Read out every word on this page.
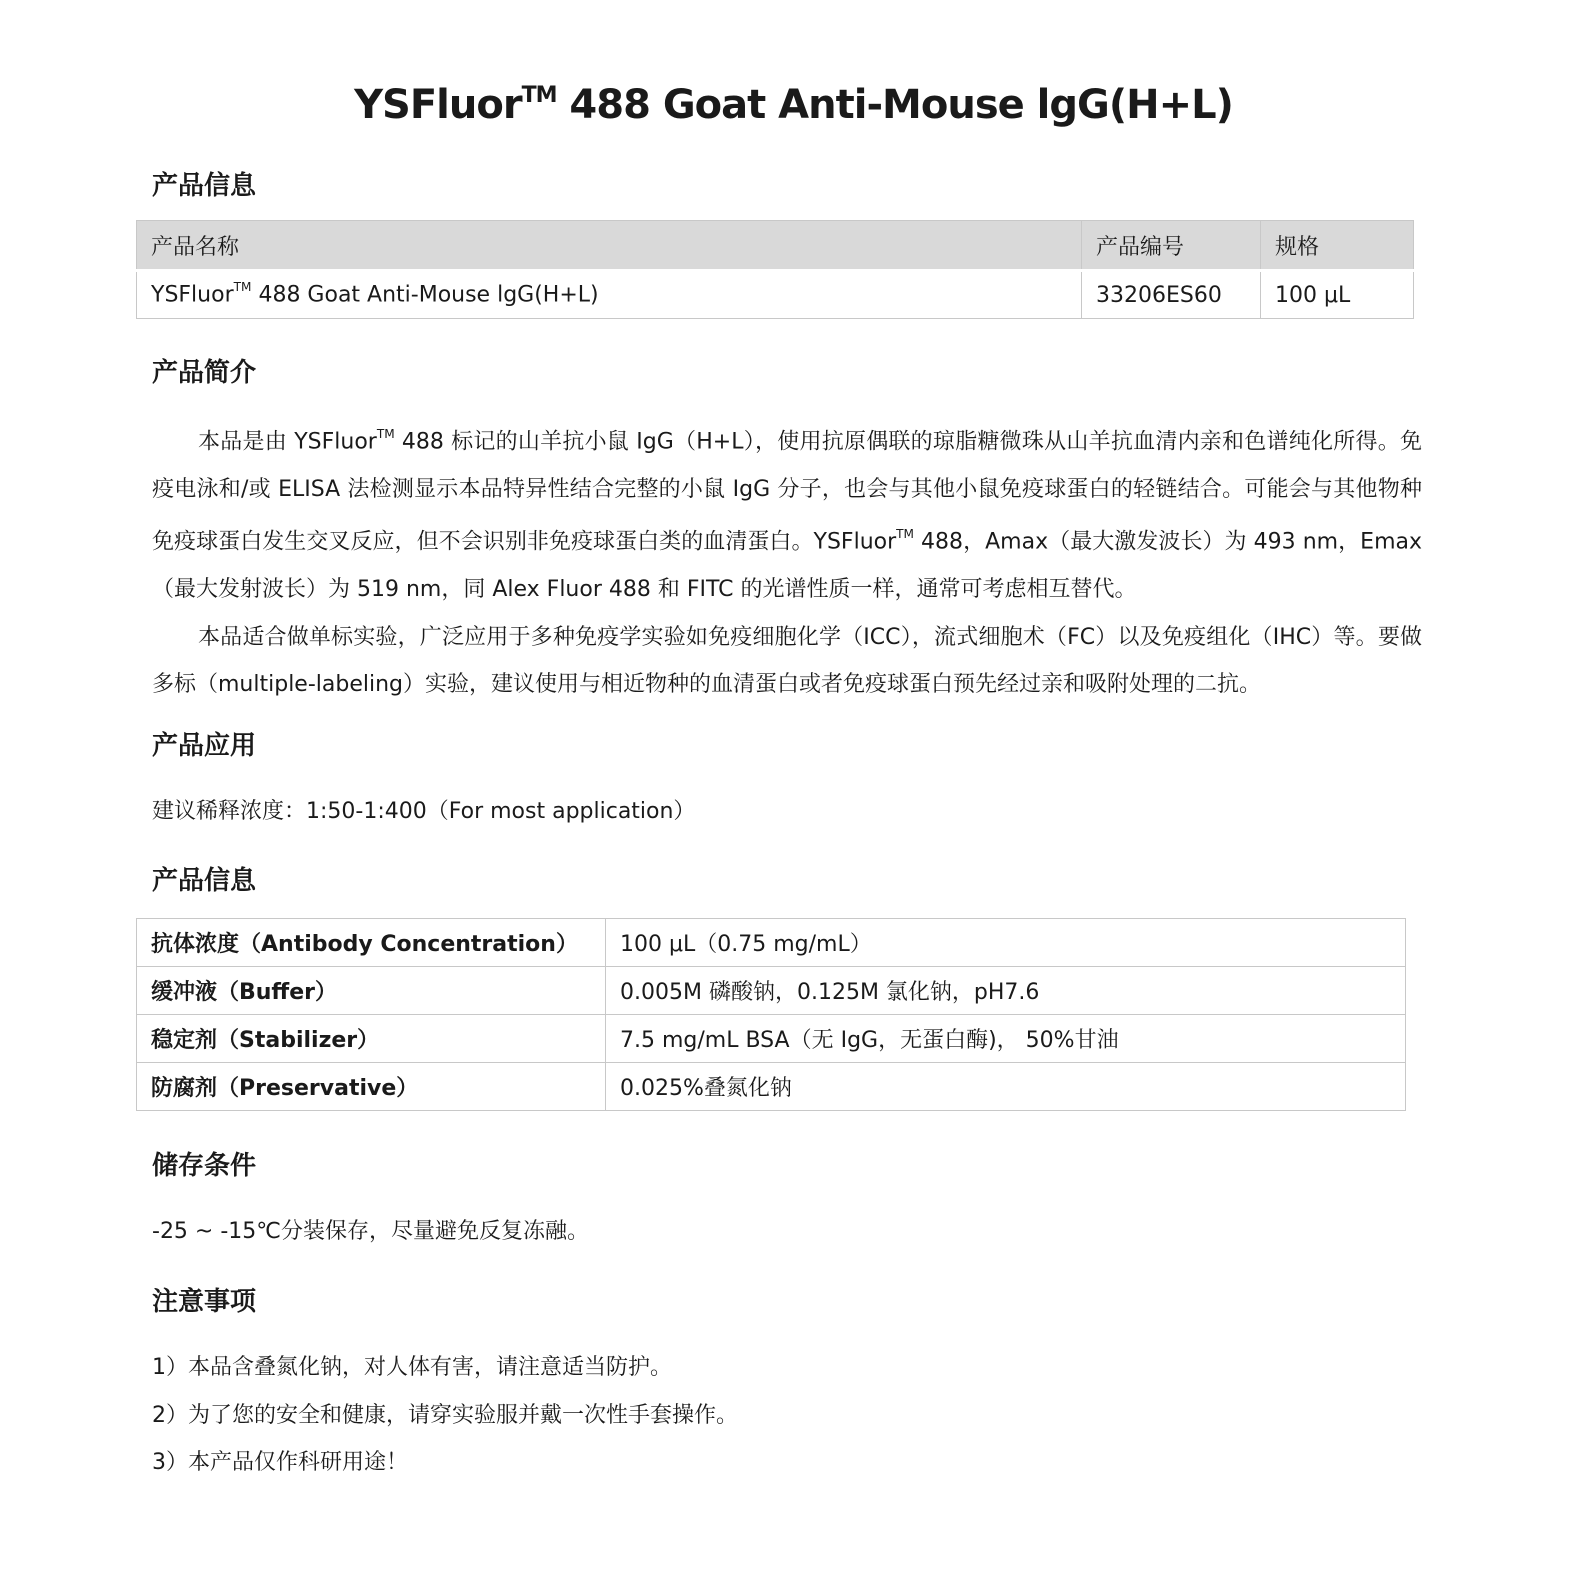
YSFluor™ 488 Goat Anti-Mouse lgG(H+L)
产品信息
产品名称	产品编号	规格
YSFluor™ 488 Goat Anti-Mouse lgG(H+L)	33206ES60	100 μL
产品简介

本品是由 YSFluor™ 488 标记的山羊抗小鼠 IgG（H+L），使用抗原偶联的琼脂糖微珠从山羊抗血清内亲和色谱纯化所得。免疫电泳和/或 ELISA 法检测显示本品特异性结合完整的小鼠 IgG 分子，也会与其他小鼠免疫球蛋白的轻链结合。可能会与其他物种免疫球蛋白发生交叉反应，但不会识别非免疫球蛋白类的血清蛋白。YSFluor™ 488，Amax（最大激发波长）为 493 nm，Emax（最大发射波长）为 519 nm，同 Alex Fluor 488 和 FITC 的光谱性质一样，通常可考虑相互替代。

本品适合做单标实验，广泛应用于多种免疫学实验如免疫细胞化学（ICC），流式细胞术（FC）以及免疫组化（IHC）等。要做多标（multiple-labeling）实验，建议使用与相近物种的血清蛋白或者免疫球蛋白预先经过亲和吸附处理的二抗。

产品应用

建议稀释浓度：1:50-1:400（For most application）

产品信息
抗体浓度（Antibody Concentration）	100 μL（0.75 mg/mL）
缓冲液（Buffer）	0.005M 磷酸钠，0.125M 氯化钠，pH7.6
稳定剂（Stabilizer）	7.5 mg/mL BSA（无 IgG，无蛋白酶)， 50%甘油
防腐剂（Preservative）	0.025%叠氮化钠
储存条件

-25 ~ -15℃分装保存，尽量避免反复冻融。

注意事项

1）本品含叠氮化钠，对人体有害，请注意适当防护。

2）为了您的安全和健康，请穿实验服并戴一次性手套操作。

3）本产品仅作科研用途！
